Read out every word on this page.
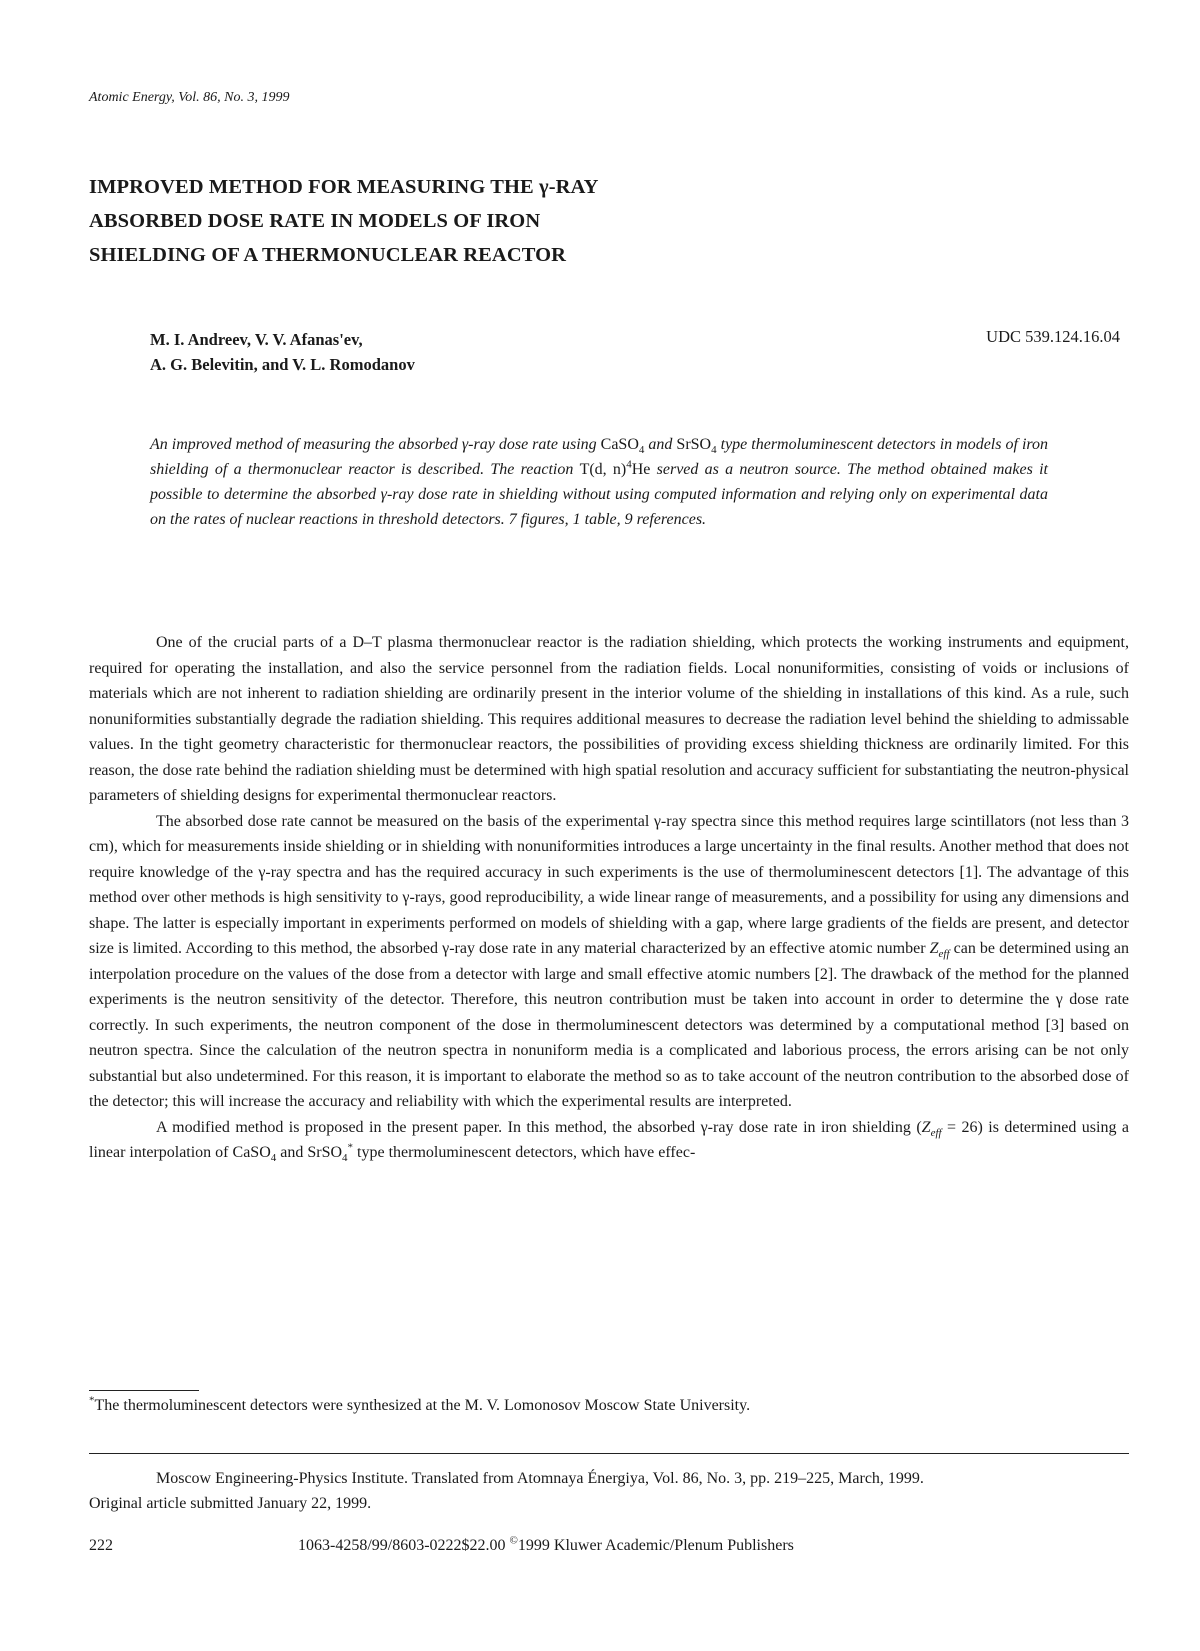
Atomic Energy, Vol. 86, No. 3, 1999
IMPROVED METHOD FOR MEASURING THE γ-RAY
ABSORBED DOSE RATE IN MODELS OF IRON
SHIELDING OF A THERMONUCLEAR REACTOR
M. I. Andreev, V. V. Afanas'ev,
A. G. Belevitin, and V. L. Romodanov
UDC 539.124.16.04
An improved method of measuring the absorbed γ-ray dose rate using CaSO$_4$ and SrSO$_4$ type thermoluminescent detectors in models of iron shielding of a thermonuclear reactor is described. The reaction T(d, n)$^4$He served as a neutron source. The method obtained makes it possible to determine the absorbed γ-ray dose rate in shielding without using computed information and relying only on experimental data on the rates of nuclear reactions in threshold detectors. 7 figures, 1 table, 9 references.

One of the crucial parts of a D–T plasma thermonuclear reactor is the radiation shielding, which protects the working instruments and equipment, required for operating the installation, and also the service personnel from the radiation fields. Local nonuniformities, consisting of voids or inclusions of materials which are not inherent to radiation shielding are ordinarily present in the interior volume of the shielding in installations of this kind. As a rule, such nonuniformities substantially degrade the radiation shielding. This requires additional measures to decrease the radiation level behind the shielding to admissable values. In the tight geometry characteristic for thermonuclear reactors, the possibilities of providing excess shielding thickness are ordinarily limited. For this reason, the dose rate behind the radiation shielding must be determined with high spatial resolution and accuracy sufficient for substantiating the neutron-physical parameters of shielding designs for experimental thermonuclear reactors.

The absorbed dose rate cannot be measured on the basis of the experimental γ-ray spectra since this method requires large scintillators (not less than 3 cm), which for measurements inside shielding or in shielding with nonuniformities introduces a large uncertainty in the final results. Another method that does not require knowledge of the γ-ray spectra and has the required accuracy in such experiments is the use of thermoluminescent detectors [1]. The advantage of this method over other methods is high sensitivity to γ-rays, good reproducibility, a wide linear range of measurements, and a possibility for using any dimensions and shape. The latter is especially important in experiments performed on models of shielding with a gap, where large gradients of the fields are present, and detector size is limited. According to this method, the absorbed γ-ray dose rate in any material characterized by an effective atomic number $Z_{eff}$ can be determined using an interpolation procedure on the values of the dose from a detector with large and small effective atomic numbers [2]. The drawback of the method for the planned experiments is the neutron sensitivity of the detector. Therefore, this neutron contribution must be taken into account in order to determine the γ dose rate correctly. In such experiments, the neutron component of the dose in thermoluminescent detectors was determined by a computational method [3] based on neutron spectra. Since the calculation of the neutron spectra in nonuniform media is a complicated and laborious process, the errors arising can be not only substantial but also undetermined. For this reason, it is important to elaborate the method so as to take account of the neutron contribution to the absorbed dose of the detector; this will increase the accuracy and reliability with which the experimental results are interpreted.

A modified method is proposed in the present paper. In this method, the absorbed γ-ray dose rate in iron shielding $(Z_{eff} = 26)$ is determined using a linear interpolation of CaSO$_4$ and SrSO$_4$* type thermoluminescent detectors, which have effec-

*The thermoluminescent detectors were synthesized at the M. V. Lomonosov Moscow State University.
Moscow Engineering-Physics Institute. Translated from Atomnaya Énergiya, Vol. 86, No. 3, pp. 219–225, March, 1999.
Original article submitted January 22, 1999.
222	1063-4258/99/8603-0222$22.00 ©1999 Kluwer Academic/Plenum Publishers
